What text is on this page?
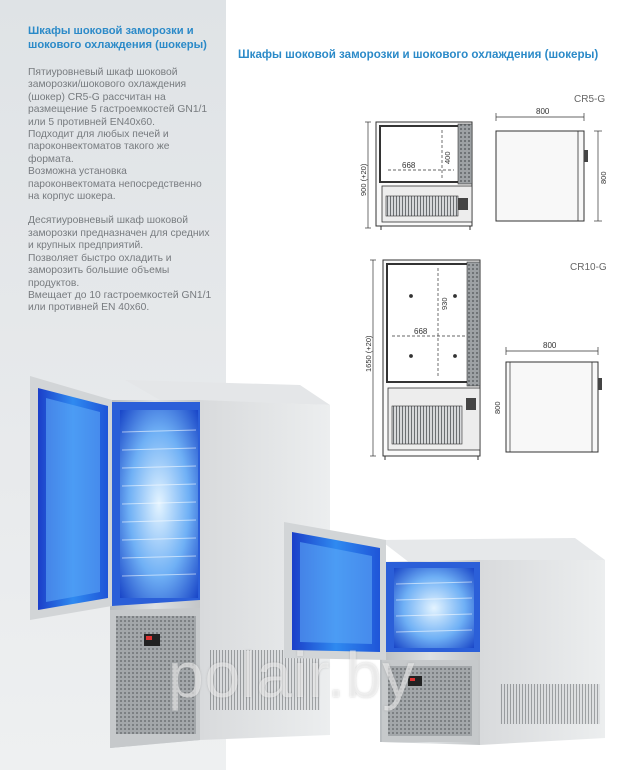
Шкафы шоковой заморозки и
шокового охлаждения (шокеры)
Пятиуровневый шкаф шоковой
заморозки/шокового охлаждения
(шокер) CR5-G рассчитан на
размещение 5 гастроемкостей GN1/1
или 5 противней EN40x60.
Подходит для любых печей и
пароконвектоматов такого же
формата.
Возможна установка
пароконвектомата непосредственно
на корпус шокера.
Десятиуровневый шкаф шоковой
заморозки предназначен для средних
и крупных предприятий.
Позволяет быстро охладить и
заморозить большие объемы
продуктов.
Вмещает до 10 гастроемкостей GN1/1
или противней EN 40x60.
Шкафы шоковой заморозки и шокового охлаждения (шокеры)
800
668
400
900 (+20)	800
930
668
1650 (+20)	800
800
CR5-G
CR10-G
polair.by
